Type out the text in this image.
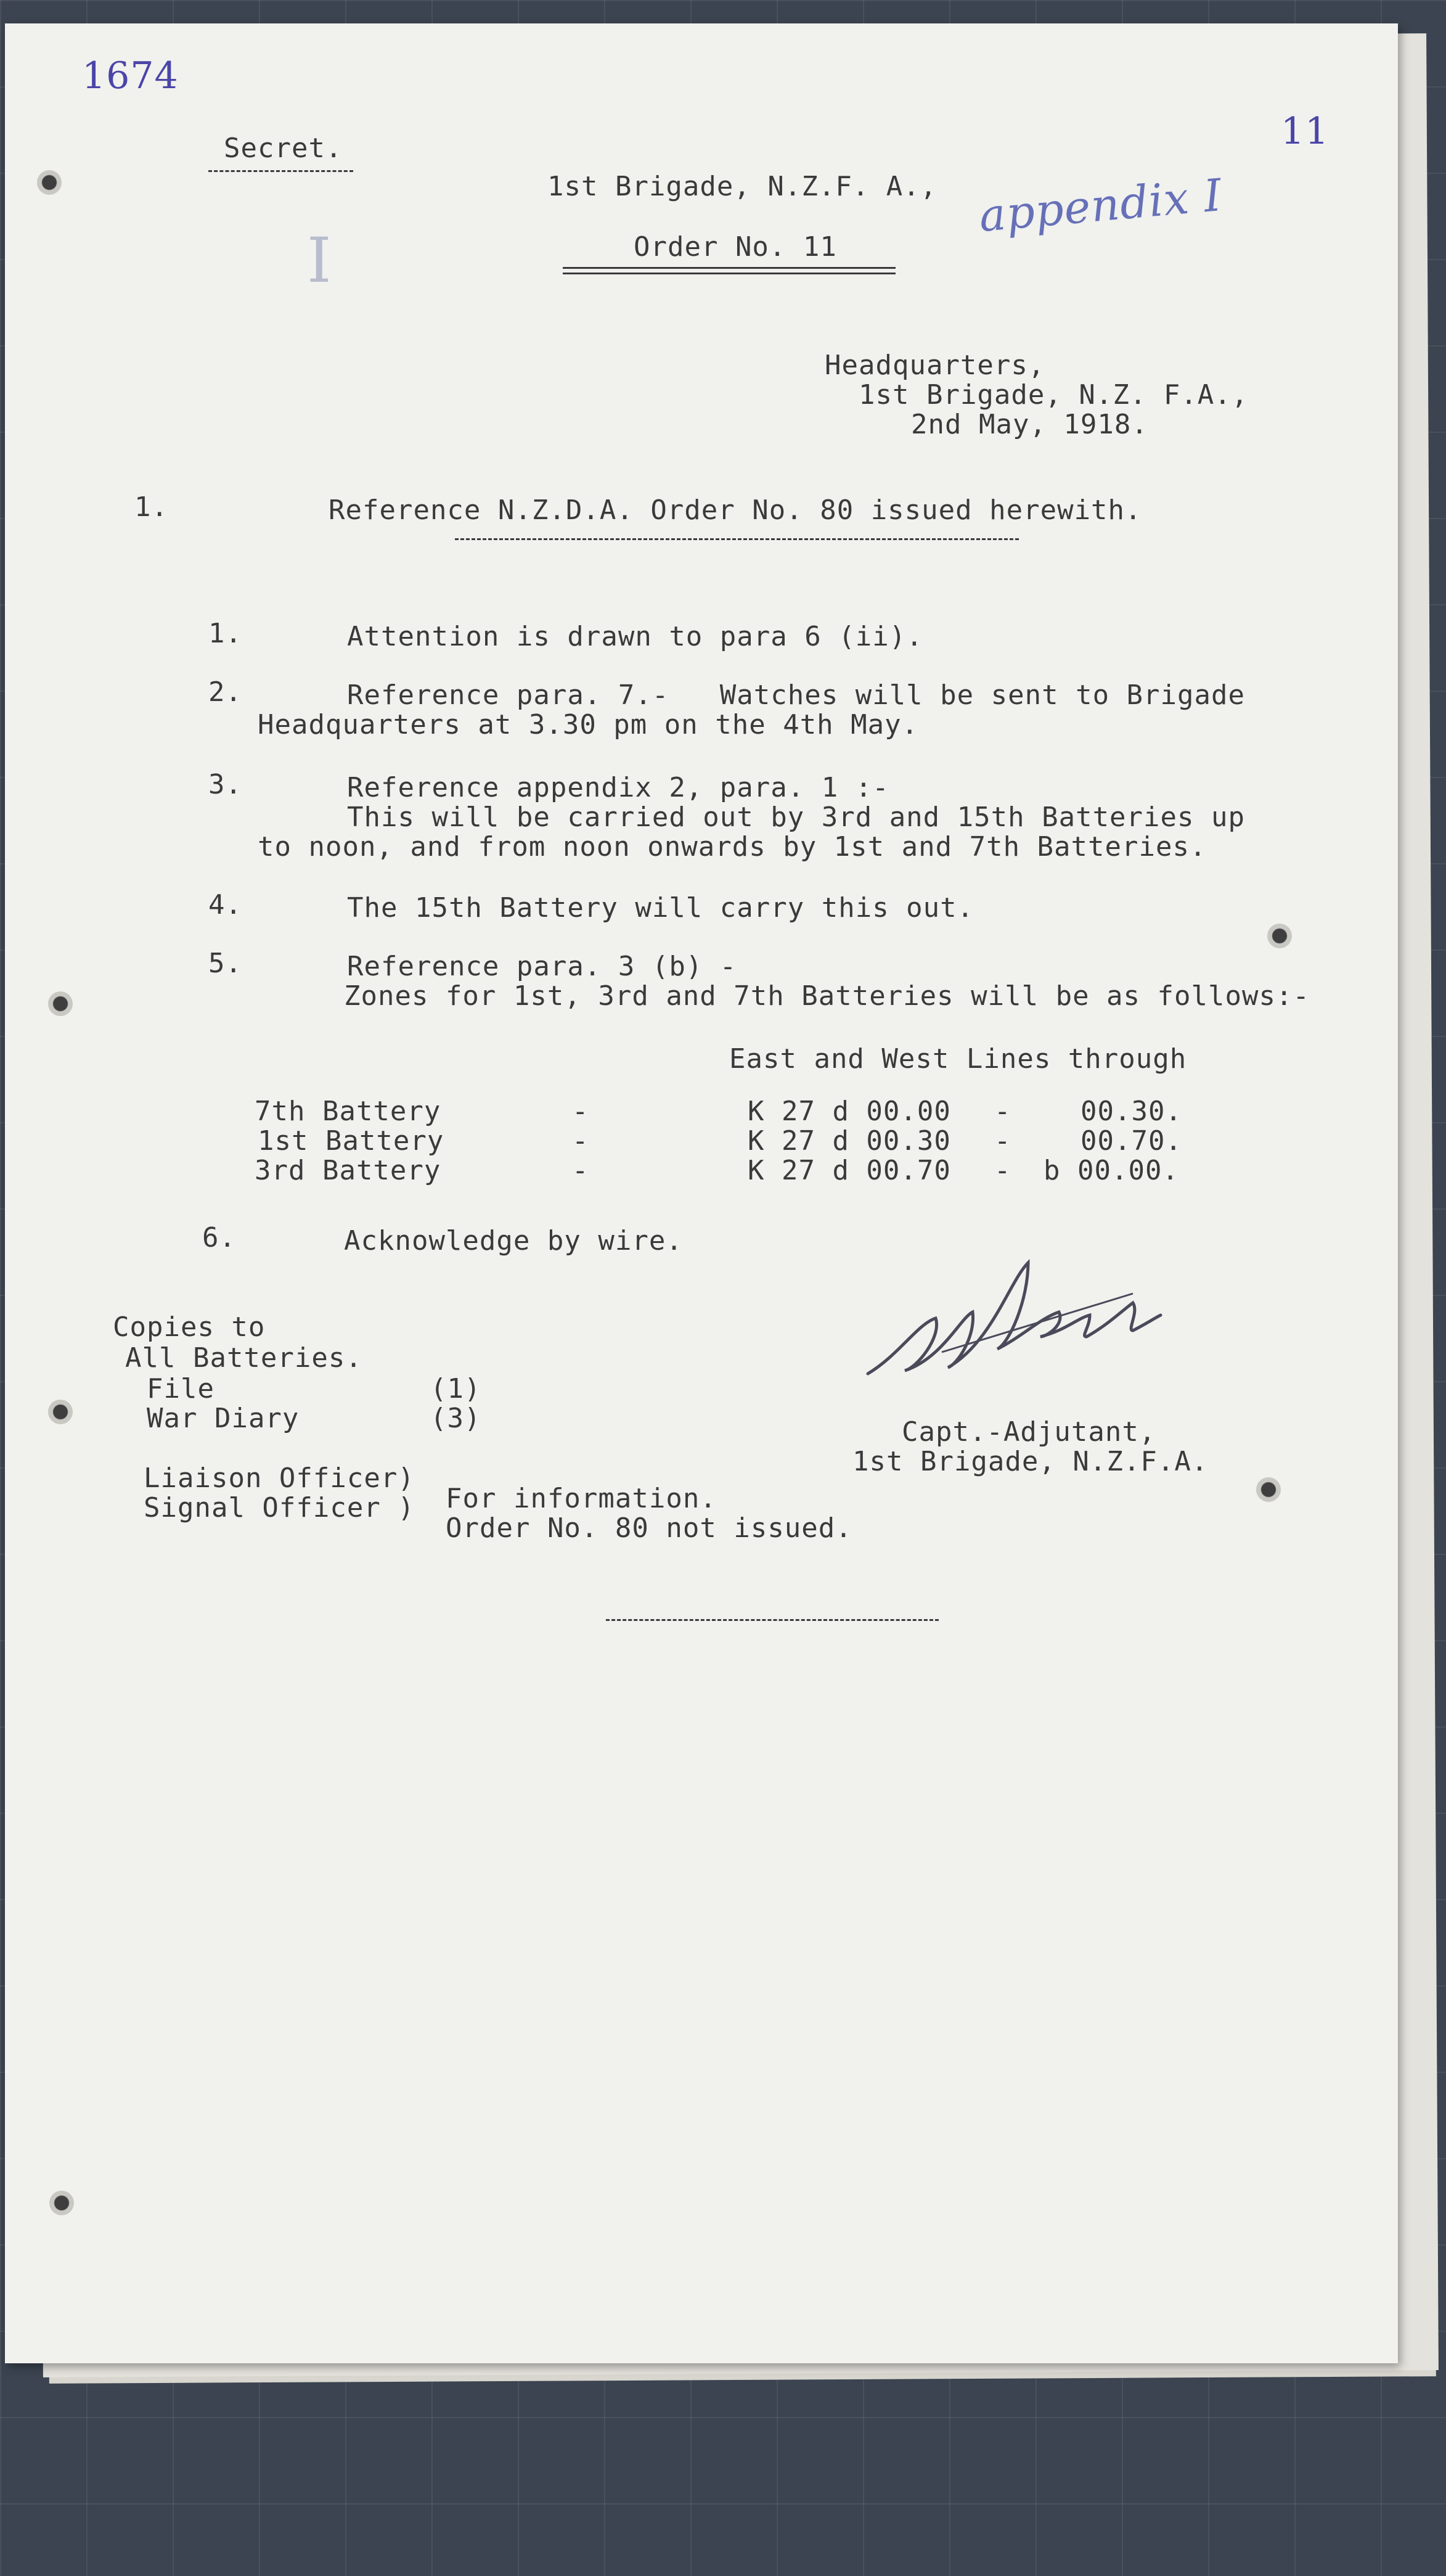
1674
11
appendix I
I
Secret.
1st Brigade, N.Z.F. A.,
Order No. 11
Headquarters,
1st Brigade, N.Z. F.A.,
2nd May, 1918.
1.	Reference N.Z.D.A. Order No. 80 issued herewith.
1.	Attention is drawn to para 6 (ii).
2.	Reference para. 7.-   Watches will be sent to Brigade
Headquarters at 3.30 pm on the 4th May.
3.	Reference appendix 2, para. 1 :-
This will be carried out by 3rd and 15th Batteries up
to noon, and from noon onwards by 1st and 7th Batteries.
4.	The 15th Battery will carry this out.
5.	Reference para. 3 (b) -
Zones for 1st, 3rd and 7th Batteries will be as follows:-
East and West Lines through
7th Battery	-	K 27 d 00.00 -	00.30.
1st Battery	-	K 27 d 00.30 -	00.70.
3rd Battery	-	K 27 d 00.70 - b 00.00.
6.	Acknowledge by wire.
Copies to
All Batteries.
File	(1)
War Diary	(3)
Liaison Officer)
Signal Officer ) For information.
Order No. 80 not issued.
Capt.-Adjutant,
1st Brigade, N.Z.F.A.
